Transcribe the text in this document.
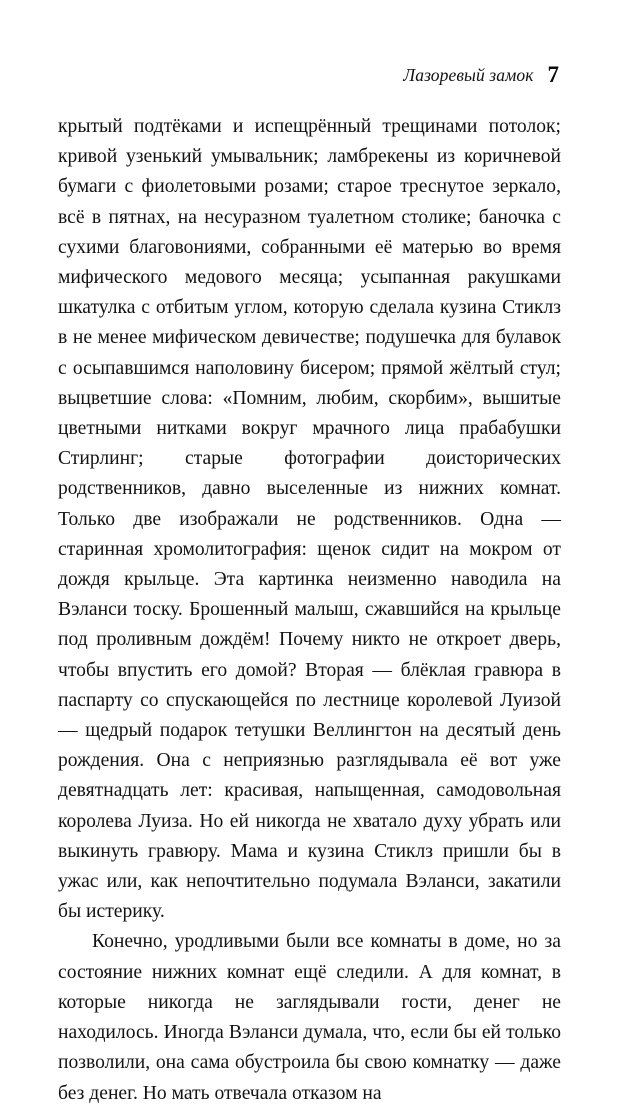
Лазоревый замок 7

крытый подтёками и испещрённый трещинами потолок; кривой узенький умывальник; ламбрекены из коричневой бумаги с фиолетовыми розами; старое треснутое зеркало, всё в пятнах, на несуразном туалетном столике; баночка с сухими благовониями, собранными её матерью во время мифического медового месяца; усыпанная ракушками шкатулка с отбитым углом, которую сделала кузина Стиклз в не менее мифическом девичестве; подушечка для булавок с осыпавшимся наполовину бисером; прямой жёлтый стул; выцветшие слова: «Помним, любим, скорбим», вышитые цветными нитками вокруг мрачного лица прабабушки Стирлинг; старые фотографии доисторических родственников, давно выселенные из нижних комнат. Только две изображали не родственников. Одна — старинная хромолитография: щенок сидит на мокром от дождя крыльце. Эта картинка неизменно наводила на Вэланси тоску. Брошенный малыш, сжавшийся на крыльце под проливным дождём! Почему никто не откроет дверь, чтобы впустить его домой? Вторая — блёклая гравюра в паспарту со спускающейся по лестнице королевой Луизой — щедрый подарок тетушки Веллингтон на десятый день рождения. Она с неприязнью разглядывала её вот уже девятнадцать лет: красивая, напыщенная, самодовольная королева Луиза. Но ей никогда не хватало духу убрать или выкинуть гравюру. Мама и кузина Стиклз пришли бы в ужас или, как непочтительно подумала Вэланси, закатили бы истерику.

Конечно, уродливыми были все комнаты в доме, но за состояние нижних комнат ещё следили. А для комнат, в которые никогда не заглядывали гости, денег не находилось. Иногда Вэланси думала, что, если бы ей только позволили, она сама обустроила бы свою комнатку — даже без денег. Но мать отвечала отказом на
